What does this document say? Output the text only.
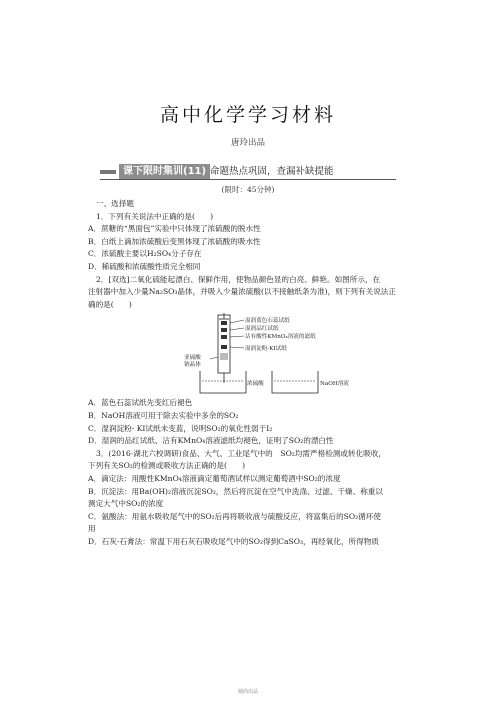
高中化学学习材料
唐玲出品
课下限时集训(11) 命题热点巩固，查漏补缺提能
(限时：45分钟)

一、选择题

1．下列有关说法中正确的是(　　)

A．蔗糖的“黑面包”实验中只体现了浓硫酸的脱水性

B．白纸上滴加浓硫酸后变黑体现了浓硫酸的吸水性

C．浓硫酸主要以H₂SO₄分子存在

D．稀硫酸和浓硫酸性质完全相同

2．[双选]二氧化硫能起漂白、保鲜作用，使物品颜色显的白亮、鲜艳。如图所示，在

注射器中加入少量Na₂SO₃晶体，并吸入少量浓硫酸(以不接触纸条为准)，则下列有关说法正

确的是(　　)

湿润蓝色石蕊试纸
湿润品红试纸
沾有酸性KMnO₄溶液的滤纸
湿润淀粉-KI试纸
亚硫酸
钠晶体
浓硫酸	NaOH溶液

A．蓝色石蕊试纸先变红后褪色

B．NaOH溶液可用于除去实验中多余的SO₂

C．湿润淀粉- KI试纸未变蓝，说明SO₂的氧化性弱于I₂

D．湿润的品红试纸、沾有KMnO₄溶液滤纸均褪色，证明了SO₂的漂白性

3．(2016·湖北六校调研)食品、大气、工业尾气中的　SO₂均需严格检测或转化吸收，

下列有关SO₂的检测或吸收方法正确的是(　　)

A．滴定法：用酸性KMnO₄溶液滴定葡萄酒试样以测定葡萄酒中SO₂的浓度

B．沉淀法：用Ba(OH)₂溶液沉淀SO₂，然后将沉淀在空气中洗涤、过滤、干燥、称重以

测定大气中SO₂的浓度

C．氨酸法：用氨水吸收尾气中的SO₂后再将吸收液与硫酸反应，将富集后的SO₂循环使

用

D．石灰-石膏法：常温下用石灰石吸收尾气中的SO₂得到CaSO₃，再经氧化，所得物质

鼎尚出品
